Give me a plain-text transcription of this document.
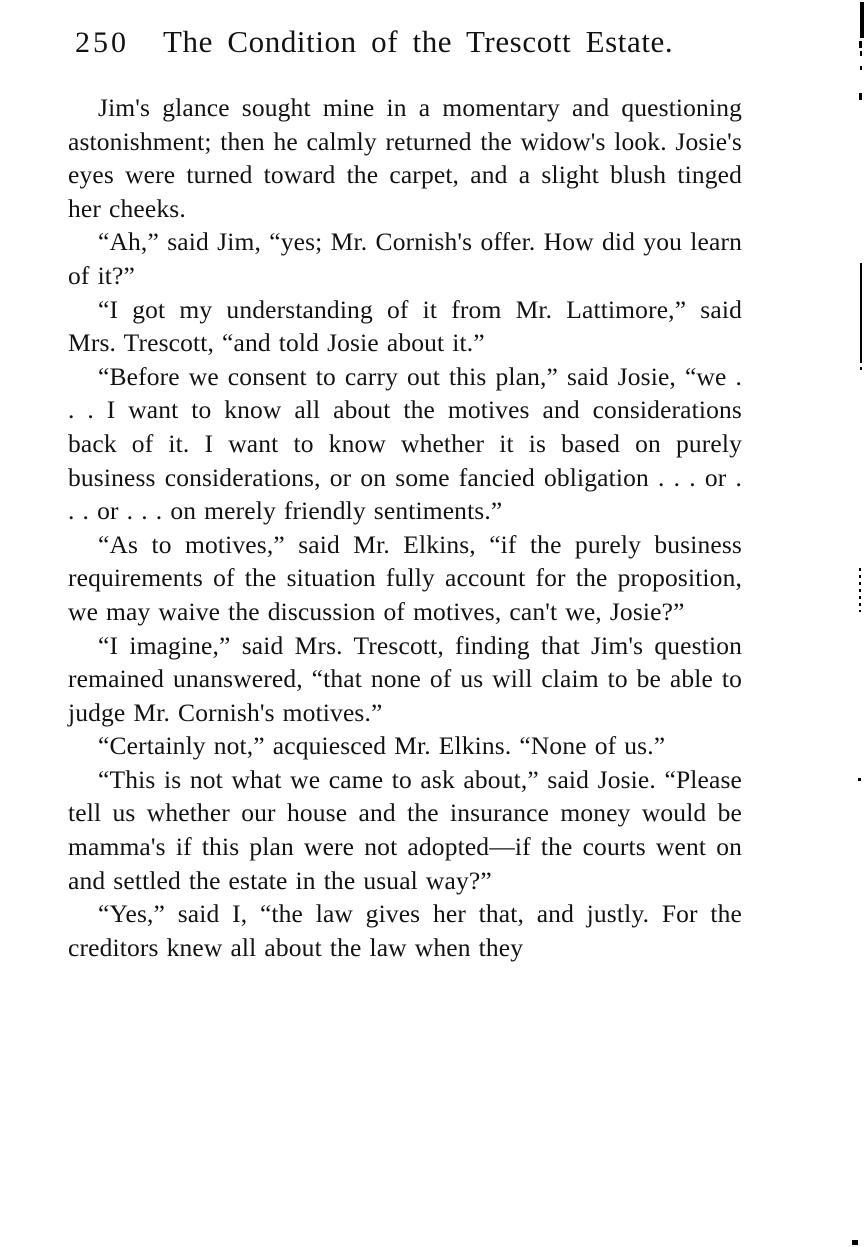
250 The Condition of the Trescott Estate.

Jim's glance sought mine in a momentary and questioning astonishment; then he calmly returned the widow's look. Josie's eyes were turned toward the carpet, and a slight blush tinged her cheeks.

“Ah,” said Jim, “yes; Mr. Cornish's offer. How did you learn of it?”

“I got my understanding of it from Mr. Lattimore,” said Mrs. Trescott, “and told Josie about it.”

“Before we consent to carry out this plan,” said Josie, “we . . . I want to know all about the motives and considerations back of it. I want to know whether it is based on purely business considerations, or on some fancied obligation . . . or . . . or . . . on merely friendly sentiments.”

“As to motives,” said Mr. Elkins, “if the purely business requirements of the situation fully account for the proposition, we may waive the discussion of motives, can't we, Josie?”

“I imagine,” said Mrs. Trescott, finding that Jim's question remained unanswered, “that none of us will claim to be able to judge Mr. Cornish's motives.”

“Certainly not,” acquiesced Mr. Elkins. “None of us.”

“This is not what we came to ask about,” said Josie. “Please tell us whether our house and the insurance money would be mamma's if this plan were not adopted—if the courts went on and settled the estate in the usual way?”

“Yes,” said I, “the law gives her that, and justly. For the creditors knew all about the law when they
